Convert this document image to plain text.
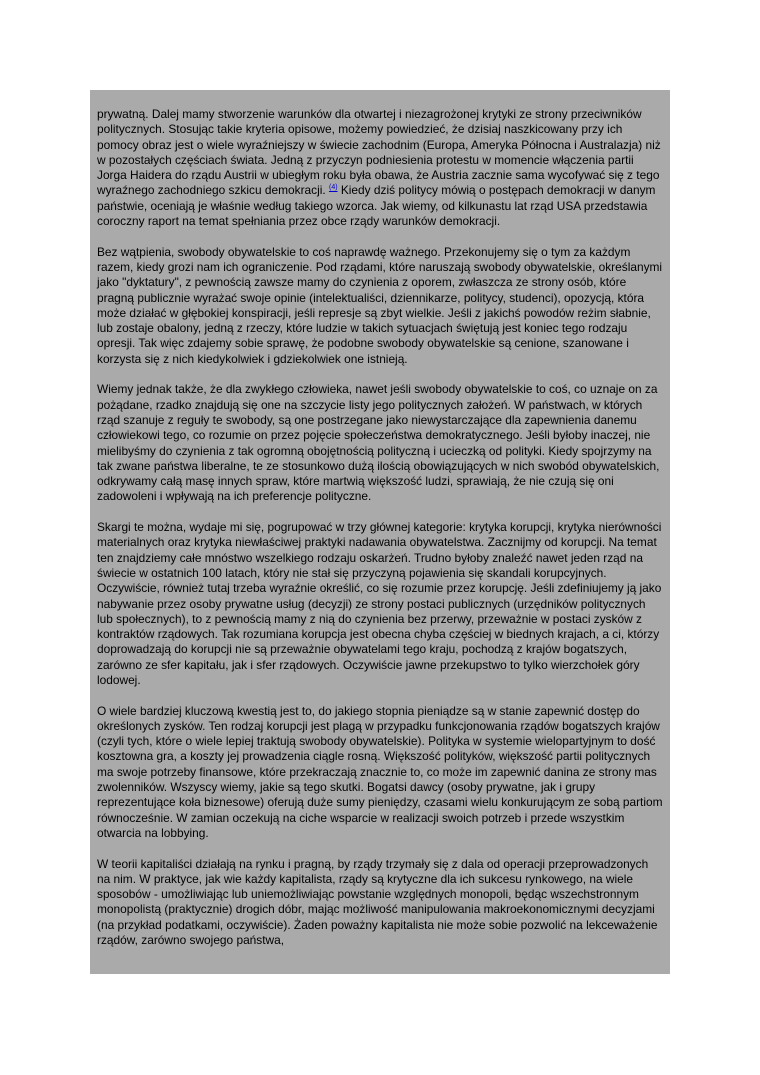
prywatną. Dalej mamy stworzenie warunków dla otwartej i niezagrożonej krytyki ze strony przeciwników politycznych. Stosując takie kryteria opisowe, możemy powiedzieć, że dzisiaj naszkicowany przy ich pomocy obraz jest o wiele wyraźniejszy w świecie zachodnim (Europa, Ameryka Północna i Australazja) niż w pozostałych częściach świata. Jedną z przyczyn podniesienia protestu w momencie włączenia partii Jorga Haidera do rządu Austrii w ubiegłym roku była obawa, że Austria zacznie sama wycofywać się z tego wyraźnego zachodniego szkicu demokracji. $^{(4)}$ Kiedy dziś politycy mówią o postępach demokracji w danym państwie, oceniają je właśnie według takiego wzorca. Jak wiemy, od kilkunastu lat rząd USA przedstawia coroczny raport na temat spełniania przez obce rządy warunków demokracji.

Bez wątpienia, swobody obywatelskie to coś naprawdę ważnego. Przekonujemy się o tym za każdym razem, kiedy grozi nam ich ograniczenie. Pod rządami, które naruszają swobody obywatelskie, określanymi jako "dyktatury", z pewnością zawsze mamy do czynienia z oporem, zwłaszcza ze strony osób, które pragną publicznie wyrażać swoje opinie (intelektualiści, dziennikarze, politycy, studenci), opozycją, która może działać w głębokiej konspiracji, jeśli represje są zbyt wielkie. Jeśli z jakichś powodów reżim słabnie, lub zostaje obalony, jedną z rzeczy, które ludzie w takich sytuacjach świętują jest koniec tego rodzaju opresji. Tak więc zdajemy sobie sprawę, że podobne swobody obywatelskie są cenione, szanowane i korzysta się z nich kiedykolwiek i gdziekolwiek one istnieją.

Wiemy jednak także, że dla zwykłego człowieka, nawet jeśli swobody obywatelskie to coś, co uznaje on za pożądane, rzadko znajdują się one na szczycie listy jego politycznych założeń. W państwach, w których rząd szanuje z reguły te swobody, są one postrzegane jako niewystarczające dla zapewnienia danemu człowiekowi tego, co rozumie on przez pojęcie społeczeństwa demokratycznego. Jeśli byłoby inaczej, nie mielibyśmy do czynienia z tak ogromną obojętnością polityczną i ucieczką od polityki. Kiedy spojrzymy na tak zwane państwa liberalne, te ze stosunkowo dużą ilością obowiązujących w nich swobód obywatelskich, odkrywamy całą masę innych spraw, które martwią większość ludzi, sprawiają, że nie czują się oni zadowoleni i wpływają na ich preferencje polityczne.

Skargi te można, wydaje mi się, pogrupować w trzy głównej kategorie: krytyka korupcji, krytyka nierówności materialnych oraz krytyka niewłaściwej praktyki nadawania obywatelstwa. Zacznijmy od korupcji. Na temat ten znajdziemy całe mnóstwo wszelkiego rodzaju oskarżeń. Trudno byłoby znaleźć nawet jeden rząd na świecie w ostatnich 100 latach, który nie stał się przyczyną pojawienia się skandali korupcyjnych. Oczywiście, również tutaj trzeba wyraźnie określić, co się rozumie przez korupcję. Jeśli zdefiniujemy ją jako nabywanie przez osoby prywatne usług (decyzji) ze strony postaci publicznych (urzędników politycznych lub społecznych), to z pewnością mamy z nią do czynienia bez przerwy, przeważnie w postaci zysków z kontraktów rządowych. Tak rozumiana korupcja jest obecna chyba częściej w biednych krajach, a ci, którzy doprowadzają do korupcji nie są przeważnie obywatelami tego kraju, pochodzą z krajów bogatszych, zarówno ze sfer kapitału, jak i sfer rządowych. Oczywiście jawne przekupstwo to tylko wierzchołek góry lodowej.

O wiele bardziej kluczową kwestią jest to, do jakiego stopnia pieniądze są w stanie zapewnić dostęp do określonych zysków. Ten rodzaj korupcji jest plagą w przypadku funkcjonowania rządów bogatszych krajów (czyli tych, które o wiele lepiej traktują swobody obywatelskie). Polityka w systemie wielopartyjnym to dość kosztowna gra, a koszty jej prowadzenia ciągle rosną. Większość polityków, większość partii politycznych ma swoje potrzeby finansowe, które przekraczają znacznie to, co może im zapewnić danina ze strony mas zwolenników. Wszyscy wiemy, jakie są tego skutki. Bogatsi dawcy (osoby prywatne, jak i grupy reprezentujące koła biznesowe) oferują duże sumy pieniędzy, czasami wielu konkurującym ze sobą partiom równocześnie. W zamian oczekują na ciche wsparcie w realizacji swoich potrzeb i przede wszystkim otwarcia na lobbying.

W teorii kapitaliści działają na rynku i pragną, by rządy trzymały się z dala od operacji przeprowadzonych na nim. W praktyce, jak wie każdy kapitalista, rządy są krytyczne dla ich sukcesu rynkowego, na wiele sposobów - umożliwiając lub uniemożliwiając powstanie względnych monopoli, będąc wszechstronnym monopolistą (praktycznie) drogich dóbr, mając możliwość manipulowania makroekonomicznymi decyzjami (na przykład podatkami, oczywiście). Żaden poważny kapitalista nie może sobie pozwolić na lekceważenie rządów, zarówno swojego państwa,
